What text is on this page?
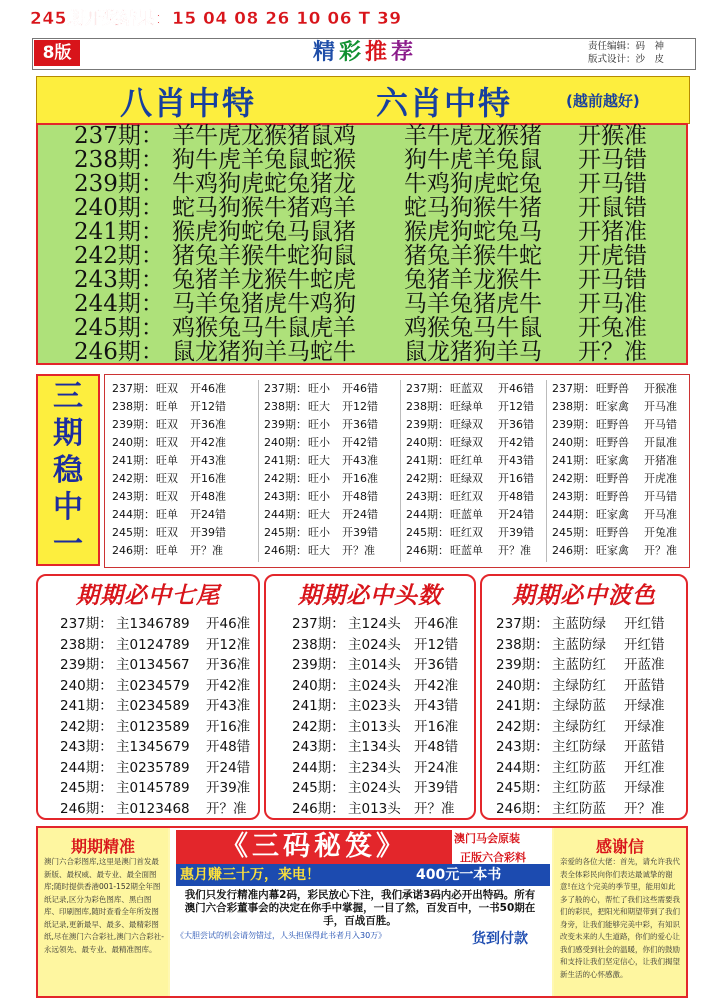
245期开奖结果：15 04 08 26 10 06 T 39
8版	精彩推荐	责任编辑：码　神
版式设计：沙　皮
八肖中特	六肖中特	(越前越好)
237期： 羊牛虎龙猴猪鼠鸡 羊牛虎龙猴猪 开猴准
238期： 狗牛虎羊兔鼠蛇猴 狗牛虎羊兔鼠 开马错
239期： 牛鸡狗虎蛇兔猪龙 牛鸡狗虎蛇兔 开马错
240期： 蛇马狗猴牛猪鸡羊 蛇马狗猴牛猪 开鼠错
241期： 猴虎狗蛇兔马鼠猪 猴虎狗蛇兔马 开猪准
242期： 猪兔羊猴牛蛇狗鼠 猪兔羊猴牛蛇 开虎错
243期： 兔猪羊龙猴牛蛇虎 兔猪羊龙猴牛 开马错
244期： 马羊兔猪虎牛鸡狗 马羊兔猪虎牛 开马准
245期： 鸡猴兔马牛鼠虎羊 鸡猴兔马牛鼠 开兔准
246期： 鼠龙猪狗羊马蛇牛 鼠龙猪狗羊马 开？准
三
期
稳
中
一
237期：旺双 开46准
238期：旺单 开12错
239期：旺双 开36准
240期：旺双 开42准
241期：旺单 开43准
242期：旺双 开16准
243期：旺双 开48准
244期：旺单 开24错
245期：旺双 开39错
246期：旺单 开？准
237期：旺小 开46错
238期：旺大 开12错
239期：旺小 开36错
240期：旺小 开42错
241期：旺大 开43准
242期：旺小 开16准
243期：旺小 开48错
244期：旺大 开24错
245期：旺小 开39错
246期：旺大 开？准
237期：旺蓝双 开46错
238期：旺绿单 开12错
239期：旺绿双 开36错
240期：旺绿双 开42错
241期：旺红单 开43错
242期：旺绿双 开16错
243期：旺红双 开48错
244期：旺蓝单 开24错
245期：旺红双 开39错
246期：旺蓝单 开？准
237期：旺野兽 开猴准
238期：旺家禽 开马准
239期：旺野兽 开马错
240期：旺野兽 开鼠准
241期：旺家禽 开猪准
242期：旺野兽 开虎准
243期：旺野兽 开马错
244期：旺家禽 开马准
245期：旺野兽 开兔准
246期：旺家禽 开？准
期期必中七尾
237期： 主1346789 开46准
238期： 主0124789 开12准
239期： 主0134567 开36准
240期： 主0234579 开42准
241期： 主0234589 开43准
242期： 主0123589 开16准
243期： 主1345679 开48错
244期： 主0235789 开24错
245期： 主0145789 开39准
246期： 主0123468 开？准
期期必中头数
237期： 主124头 开46准
238期： 主024头 开12错
239期： 主014头 开36错
240期： 主024头 开42准
241期： 主023头 开43错
242期： 主013头 开16准
243期： 主134头 开48错
244期： 主234头 开24准
245期： 主024头 开39错
246期： 主013头 开？准
期期必中波色
237期： 主蓝防绿 开红错
238期： 主蓝防绿 开红错
239期： 主蓝防红 开蓝准
240期： 主绿防红 开蓝错
241期： 主绿防蓝 开绿准
242期： 主绿防红 开绿准
243期： 主红防绿 开蓝错
244期： 主红防蓝 开红准
245期： 主红防蓝 开绿准
246期： 主红防蓝 开？准
期期精准
澳门六合彩图库,这里是澳门首发最新版、最权威、最专业、最全面图库;随时提供香港001-152期全年图纸记录,区分为彩色图库、黑白图库、印刷图库,随时查看全年所发图纸记录,更新最早、最多、最精彩图纸,尽在澳门六合彩社,澳门六合彩社-永远领先、最专业、最精准图库。
《三码秘笈》	澳门马会原装
正版六合彩料
惠月赚三十万，来电！	400元一本书
我们只发行精准内幕2码，彩民放心下注，我们承诺3码内必开出特码。所有澳门六合彩董事会的决定在你手中掌握，一目了然，百发百中，一书50期在手，百战百胜。
《大胆尝试的机会请勿错过，人头担保得此书者月入30万》	货到付款
感谢信
亲爱的各位大佬：首先，请允许我代表全体彩民向你们表达最诚挚的谢意!在这个完美的季节里，能用如此多了般的心，帮忙了我们这些需要我们的彩民，把阳光和期望带到了我们身旁，让我们能够完美中彩，有知识改变未来的人生道路，你们的爱心让我们感受到社会的温暖，你们的鼓励和支持让我们坚定信心，让我们揭望新生活的心怀感激。
